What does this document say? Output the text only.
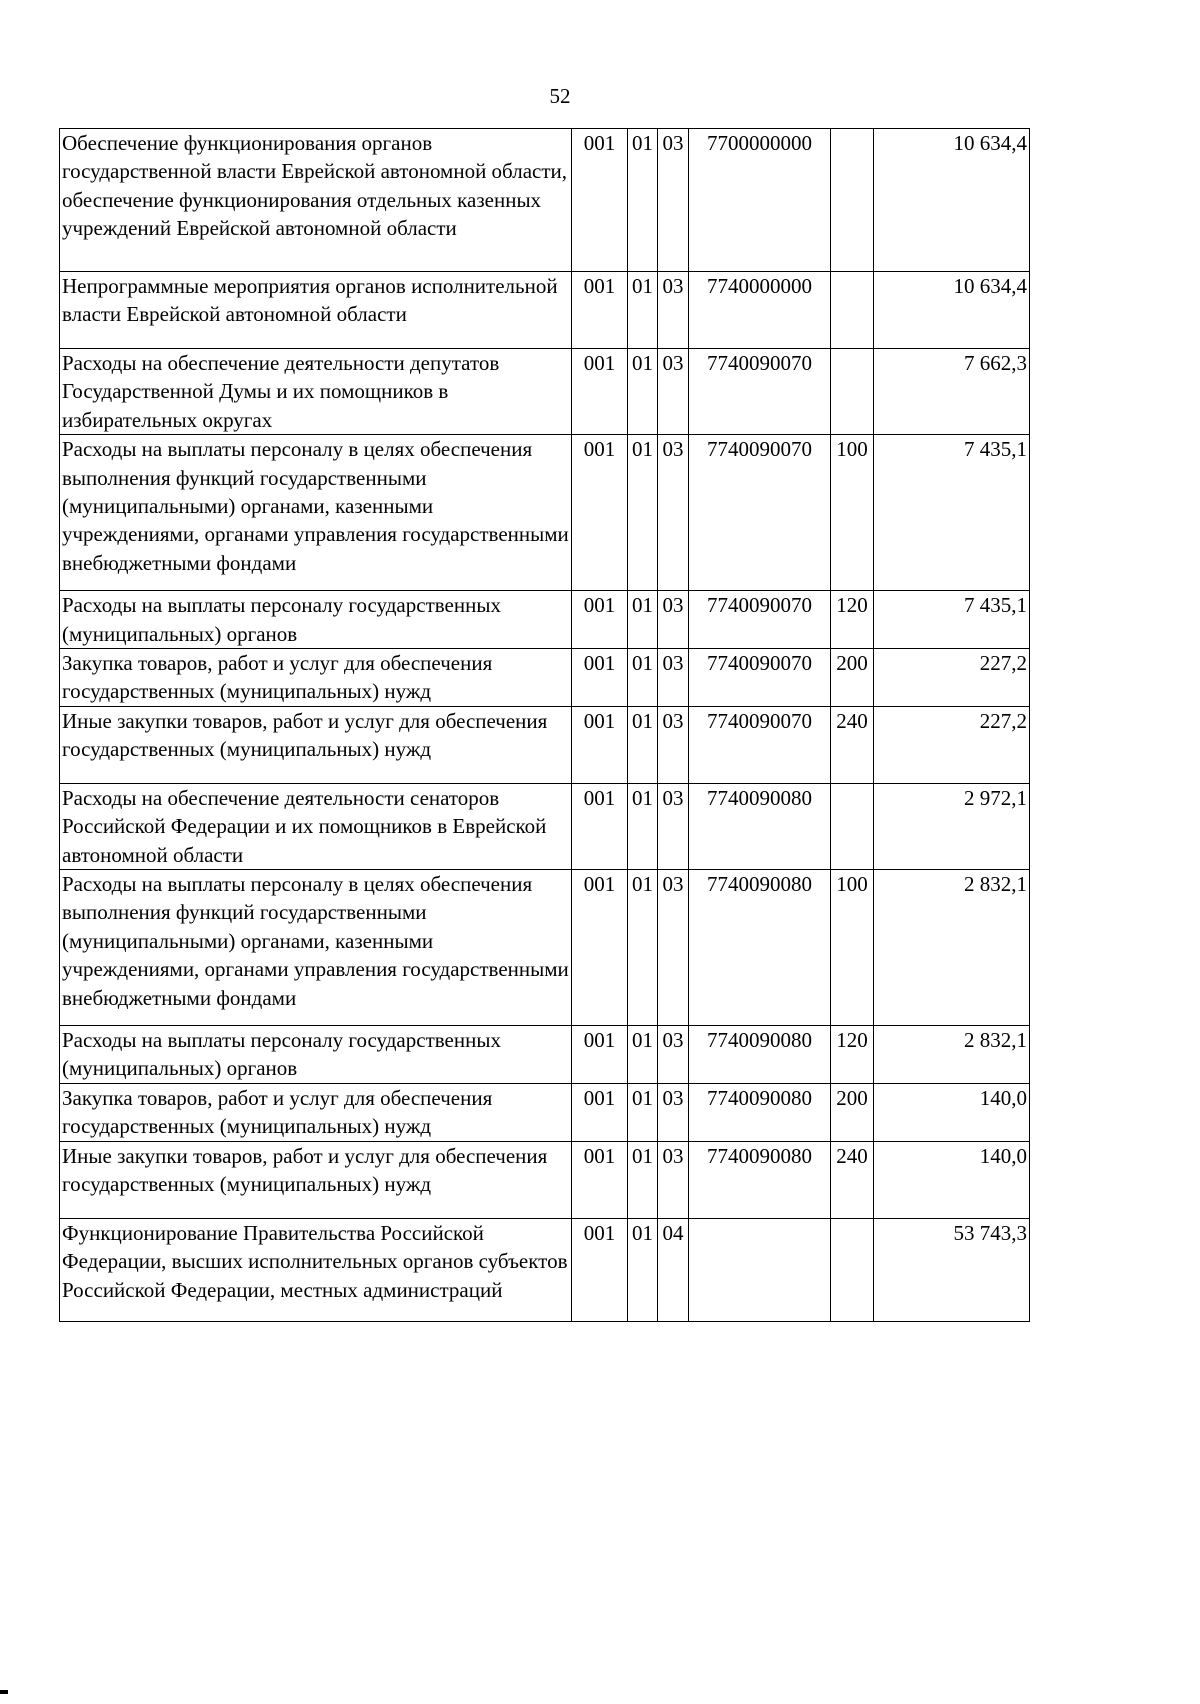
52
Обеспечение функционирования органов государственной власти Еврейской автономной области, обеспечение функционирования отдельных казенных учреждений Еврейской автономной области	001	01	03	7700000000		10 634,4
Непрограммные мероприятия органов исполнительной власти Еврейской автономной области	001	01	03	7740000000		10 634,4
Расходы на обеспечение деятельности депутатов Государственной Думы и их помощников в избирательных округах	001	01	03	7740090070		7 662,3
Расходы на выплаты персоналу в целях обеспечения выполнения функций государственными (муниципальными) органами, казенными учреждениями, органами управления государственными внебюджетными фондами	001	01	03	7740090070	100	7 435,1
Расходы на выплаты персоналу государственных (муниципальных) органов	001	01	03	7740090070	120	7 435,1
Закупка товаров, работ и услуг для обеспечения государственных (муниципальных) нужд	001	01	03	7740090070	200	227,2
Иные закупки товаров, работ и услуг для обеспечения государственных (муниципальных) нужд	001	01	03	7740090070	240	227,2
Расходы на обеспечение деятельности сенаторов Российской Федерации и их помощников в Еврейской автономной области	001	01	03	7740090080		2 972,1
Расходы на выплаты персоналу в целях обеспечения выполнения функций государственными (муниципальными) органами, казенными учреждениями, органами управления государственными внебюджетными фондами	001	01	03	7740090080	100	2 832,1
Расходы на выплаты персоналу государственных (муниципальных) органов	001	01	03	7740090080	120	2 832,1
Закупка товаров, работ и услуг для обеспечения государственных (муниципальных) нужд	001	01	03	7740090080	200	140,0
Иные закупки товаров, работ и услуг для обеспечения государственных (муниципальных) нужд	001	01	03	7740090080	240	140,0
Функционирование Правительства Российской Федерации, высших исполнительных органов субъектов Российской Федерации, местных администраций	001	01	04			53 743,3
